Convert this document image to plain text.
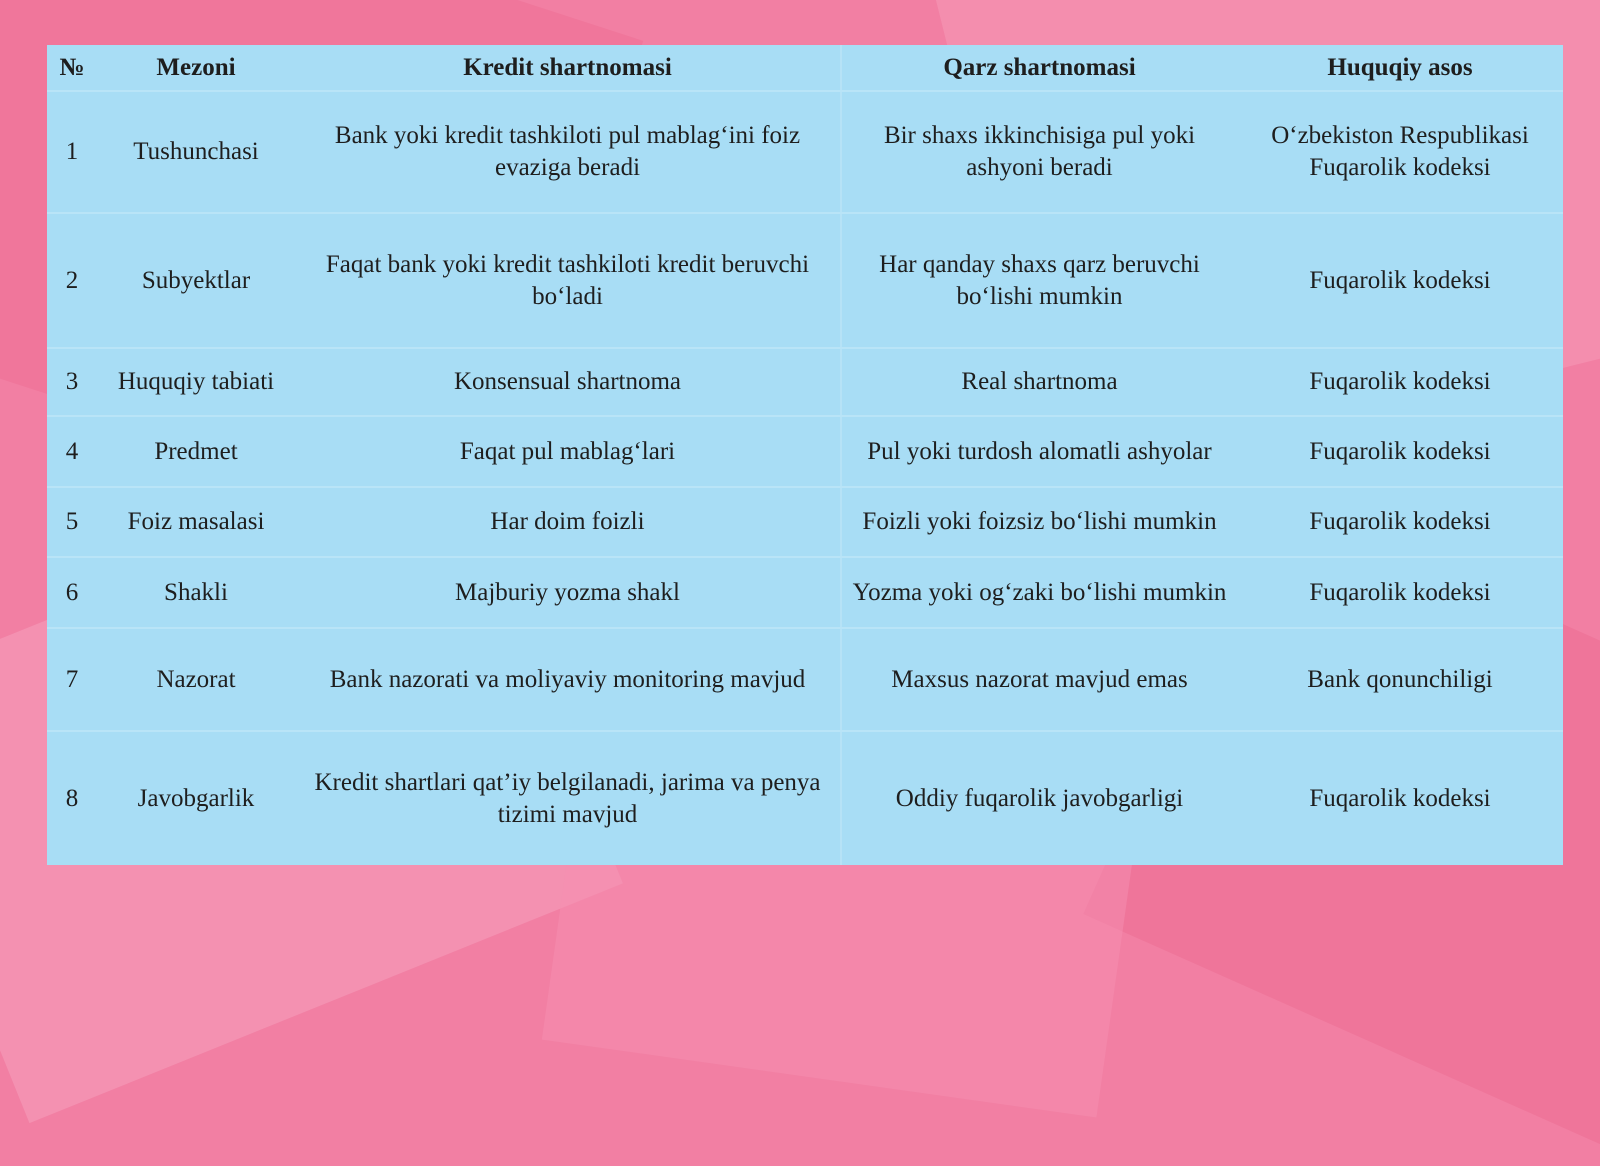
№	Mezoni	Kredit shartnomasi	Qarz shartnomasi	Huquqiy asos
1	Tushunchasi	Bank yoki kredit tashkiloti pul mablag‘ini foiz evaziga beradi	Bir shaxs ikkinchisiga pul yoki ashyoni beradi	O‘zbekiston Respublikasi Fuqarolik kodeksi
2	Subyektlar	Faqat bank yoki kredit tashkiloti kredit beruvchi bo‘ladi	Har qanday shaxs qarz beruvchi bo‘lishi mumkin	Fuqarolik kodeksi
3	Huquqiy tabiati	Konsensual shartnoma	Real shartnoma	Fuqarolik kodeksi
4	Predmet	Faqat pul mablag‘lari	Pul yoki turdosh alomatli ashyolar	Fuqarolik kodeksi
5	Foiz masalasi	Har doim foizli	Foizli yoki foizsiz bo‘lishi mumkin	Fuqarolik kodeksi
6	Shakli	Majburiy yozma shakl	Yozma yoki og‘zaki bo‘lishi mumkin	Fuqarolik kodeksi
7	Nazorat	Bank nazorati va moliyaviy monitoring mavjud	Maxsus nazorat mavjud emas	Bank qonunchiligi
8	Javobgarlik	Kredit shartlari qat’iy belgilanadi, jarima va penya tizimi mavjud	Oddiy fuqarolik javobgarligi	Fuqarolik kodeksi
